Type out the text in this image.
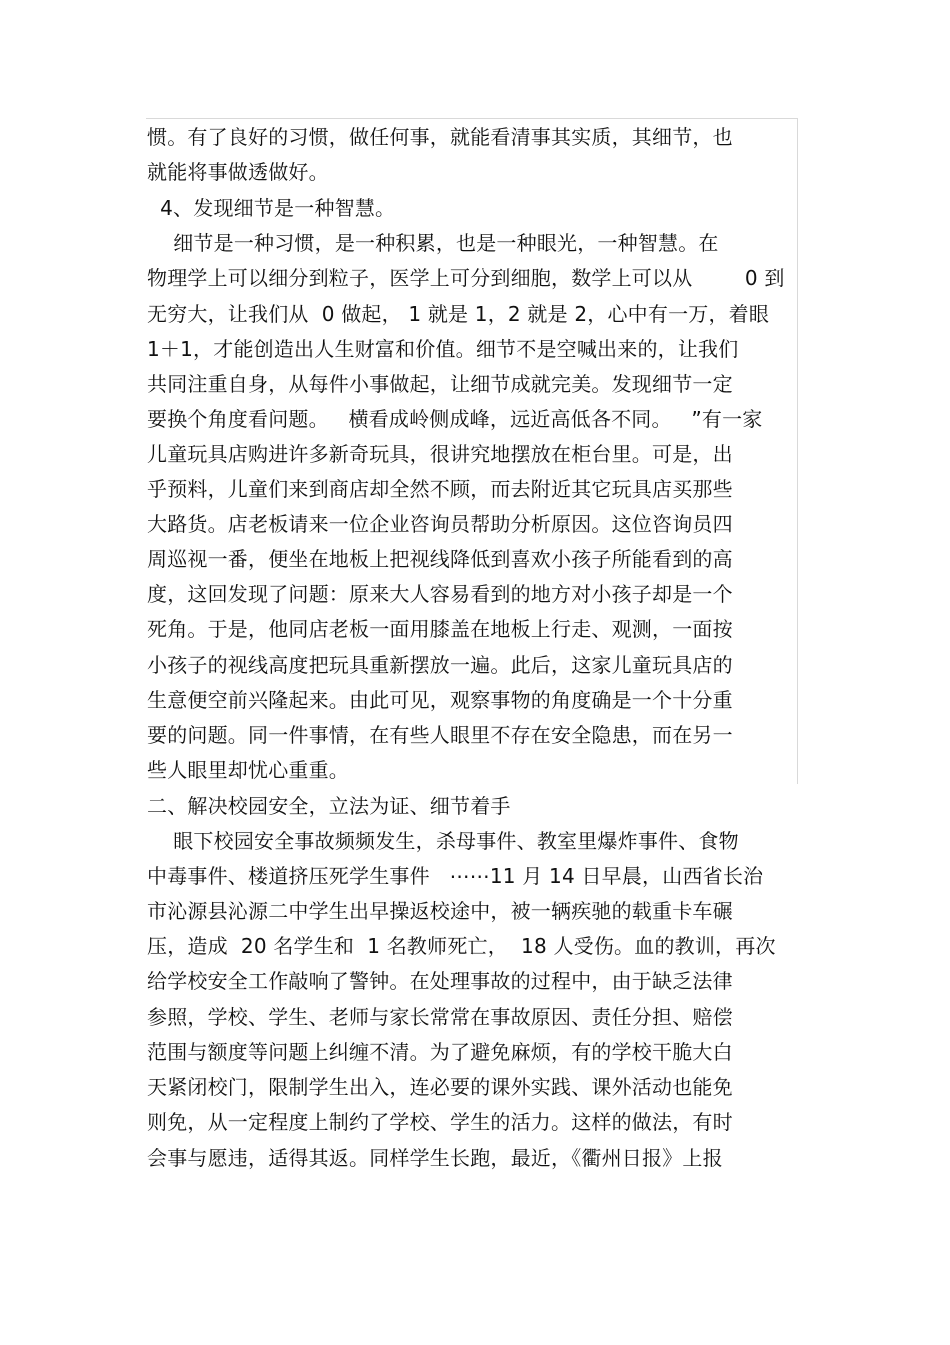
惯。有了良好的习惯，做任何事，就能看清事其实质，其细节，也
就能将事做透做好。
4、发现细节是一种智慧。
细节是一种习惯，是一种积累，也是一种眼光，一种智慧。在
物理学上可以细分到粒子，医学上可分到细胞，数学上可以从        0 到
无穷大，让我们从  0 做起， 1 就是 1，2 就是 2，心中有一万，着眼
1＋1，才能创造出人生财富和价值。细节不是空喊出来的，让我们
共同注重自身，从每件小事做起，让细节成就完美。发现细节一定
要换个角度看问题。   横看成岭侧成峰，远近高低各不同。   ”有一家
儿童玩具店购进许多新奇玩具，很讲究地摆放在柜台里。可是，出
乎预料，儿童们来到商店却全然不顾，而去附近其它玩具店买那些
大路货。店老板请来一位企业咨询员帮助分析原因。这位咨询员四
周巡视一番，便坐在地板上把视线降低到喜欢小孩子所能看到的高
度，这回发现了问题：原来大人容易看到的地方对小孩子却是一个
死角。于是，他同店老板一面用膝盖在地板上行走、观测，一面按
小孩子的视线高度把玩具重新摆放一遍。此后，这家儿童玩具店的
生意便空前兴隆起来。由此可见，观察事物的角度确是一个十分重
要的问题。同一件事情，在有些人眼里不存在安全隐患，而在另一
些人眼里却忧心重重。
二、解决校园安全，立法为证、细节着手
眼下校园安全事故频频发生，杀母事件、教室里爆炸事件、食物
中毒事件、楼道挤压死学生事件   ⋯⋯11 月 14 日早晨，山西省长治
市沁源县沁源二中学生出早操返校途中，被一辆疾驰的载重卡车碾
压，造成  20 名学生和  1 名教师死亡，  18 人受伤。血的教训，再次
给学校安全工作敲响了警钟。在处理事故的过程中，由于缺乏法律
参照，学校、学生、老师与家长常常在事故原因、责任分担、赔偿
范围与额度等问题上纠缠不清。为了避免麻烦，有的学校干脆大白
天紧闭校门，限制学生出入，连必要的课外实践、课外活动也能免
则免，从一定程度上制约了学校、学生的活力。这样的做法，有时
会事与愿违，适得其返。同样学生长跑，最近，《衢州日报》上报
